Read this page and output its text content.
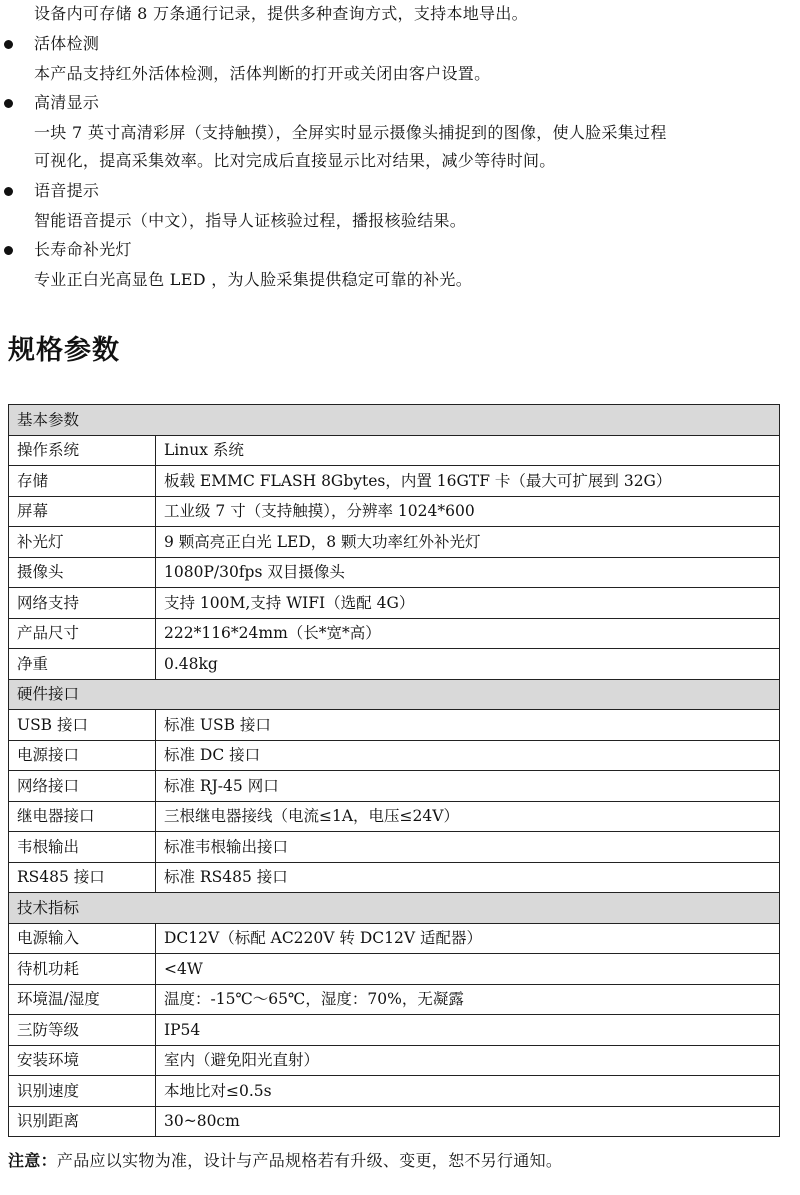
设备内可存储 8 万条通行记录，提供多种查询方式，支持本地导出。
活体检测
本产品支持红外活体检测，活体判断的打开或关闭由客户设置。
高清显示
一块 7 英寸高清彩屏（支持触摸），全屏实时显示摄像头捕捉到的图像，使人脸采集过程
可视化，提高采集效率。比对完成后直接显示比对结果，减少等待时间。
语音提示
智能语音提示（中文），指导人证核验过程，播报核验结果。
长寿命补光灯
专业正白光高显色 LED ，为人脸采集提供稳定可靠的补光。
规格参数
基本参数	
操作系统	Linux 系统
存储	板载 EMMC FLASH 8Gbytes，内置 16GTF 卡（最大可扩展到 32G）
屏幕	工业级 7 寸（支持触摸），分辨率 1024*600
补光灯	9 颗高亮正白光 LED，8 颗大功率红外补光灯
摄像头	1080P/30fps 双目摄像头
网络支持	支持 100M,支持 WIFI（选配 4G）
产品尺寸	222*116*24mm（长*宽*高）
净重	0.48kg
硬件接口	
USB 接口	标准 USB 接口
电源接口	标准 DC 接口
网络接口	标准 RJ-45 网口
继电器接口	三根继电器接线（电流≤1A，电压≤24V）
韦根输出	标准韦根输出接口
RS485 接口	标准 RS485 接口
技术指标	
电源输入	DC12V（标配 AC220V 转 DC12V 适配器）
待机功耗	<4W
环境温/湿度	温度：-15℃～65℃，湿度：70%，无凝露
三防等级	IP54
安装环境	室内（避免阳光直射）
识别速度	本地比对≤0.5s
识别距离	30~80cm
注意：产品应以实物为准，设计与产品规格若有升级、变更，恕不另行通知。
